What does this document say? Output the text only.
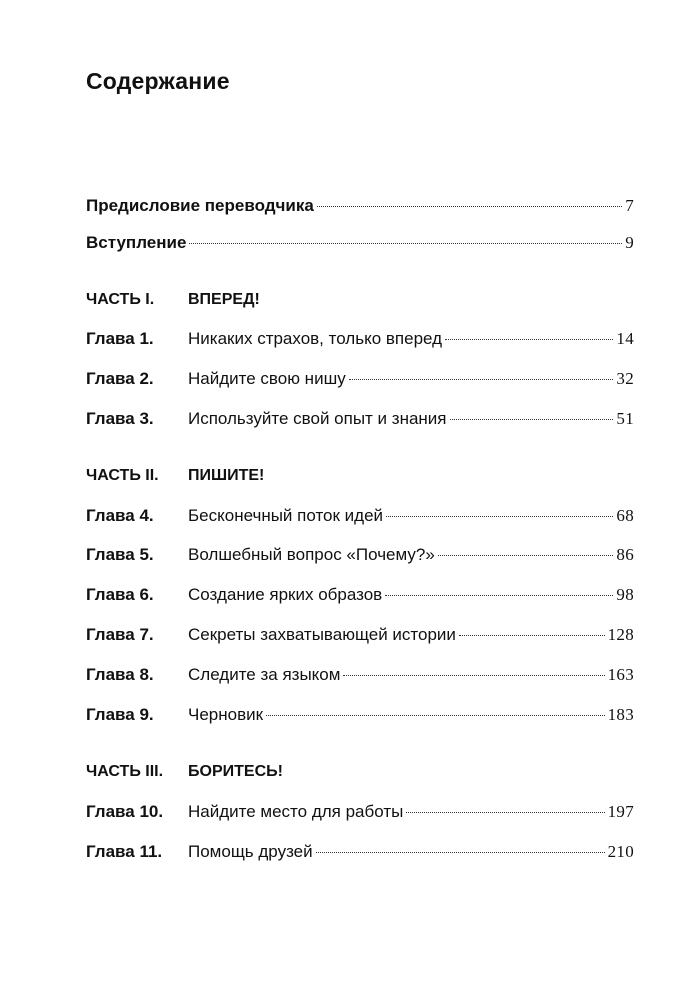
Содержание
Предисловие переводчика	7
Вступление	9
ЧАСТЬ I.	ВПЕРЕД!
Глава 1.	Никаких страхов, только вперед	14
Глава 2.	Найдите свою нишу	32
Глава 3.	Используйте свой опыт и знания	51
ЧАСТЬ II.	ПИШИТЕ!
Глава 4.	Бесконечный поток идей	68
Глава 5.	Волшебный вопрос «Почему?»	86
Глава 6.	Создание ярких образов	98
Глава 7.	Секреты захватывающей истории	128
Глава 8.	Следите за языком	163
Глава 9.	Черновик	183
ЧАСТЬ III.	БОРИТЕСЬ!
Глава 10.	Найдите место для работы	197
Глава 11.	Помощь друзей	210
